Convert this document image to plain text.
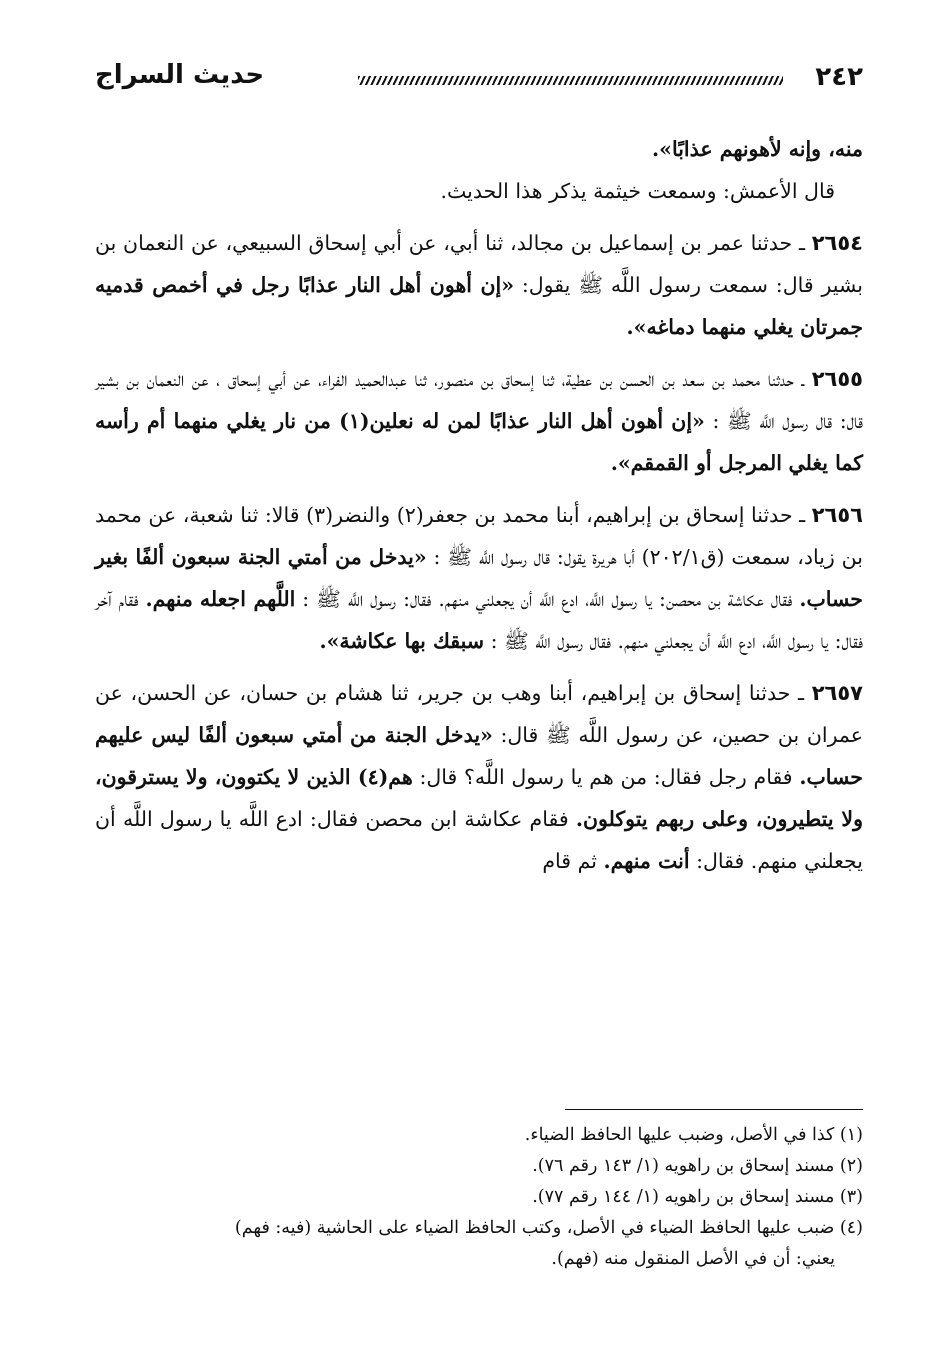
٢٤٢
حديث السراج

منه، وإنه لأهونهم عذابًا».

قال الأعمش: وسمعت خيثمة يذكر هذا الحديث.

٢٦٥٤ ـ حدثنا عمر بن إسماعيل بن مجالد، ثنا أبي، عن أبي إسحاق السبيعي، عن النعمان بن بشير قال: سمعت رسول اللَّه ﷺ يقول: «إن أهون أهل النار عذابًا رجل في أخمص قدميه جمرتان يغلي منهما دماغه».

٢٦٥٥ ـ حدثنا محمد بن سعد بن الحسن بن عطية، ثنا إسحاق بن منصور، ثنا عبدالحميد الفراء، عن أبي إسحاق ، عن النعمان بن بشير قال: قال رسول اللَّه ﷺ : «إن أهون أهل النار عذابًا لمن له نعلين(١) من نار يغلي منهما أم رأسه كما يغلي المرجل أو القمقم».

٢٦٥٦ ـ حدثنا إسحاق بن إبراهيم، أبنا محمد بن جعفر(٢) والنضر(٣) قالا: ثنا شعبة، عن محمد بن زياد، سمعت (ق٢٠٢/١) أبا هريرة يقول: قال رسول اللَّه ﷺ : «يدخل من أمتي الجنة سبعون ألفًا بغير حساب. فقال عكاشة بن محصن: يا رسول اللَّه، ادع اللَّه أن يجعلني منهم. فقال: رسول اللَّه ﷺ : اللَّهم اجعله منهم. فقام آخر فقال: يا رسول اللَّه، ادع اللَّه أن يجعلني منهم. فقال رسول اللَّه ﷺ : سبقك بها عكاشة».

٢٦٥٧ ـ حدثنا إسحاق بن إبراهيم، أبنا وهب بن جرير، ثنا هشام بن حسان، عن الحسن، عن عمران بن حصين، عن رسول اللَّه ﷺ قال: «يدخل الجنة من أمتي سبعون ألفًا ليس عليهم حساب. فقام رجل فقال: من هم يا رسول اللَّه؟ قال: هم(٤) الذين لا يكتوون، ولا يسترقون، ولا يتطيرون، وعلى ربهم يتوكلون. فقام عكاشة ابن محصن فقال: ادع اللَّه يا رسول اللَّه أن يجعلني منهم. فقال: أنت منهم. ثم قام

(١) كذا في الأصل، وضبب عليها الحافظ الضياء.

(٢) مسند إسحاق بن راهويه (١/ ١٤٣ رقم ٧٦).

(٣) مسند إسحاق بن راهويه (١/ ١٤٤ رقم ٧٧).

(٤) ضبب عليها الحافظ الضياء في الأصل، وكتب الحافظ الضياء على الحاشية (فيه: فهم)

يعني: أن في الأصل المنقول منه (فهم).
